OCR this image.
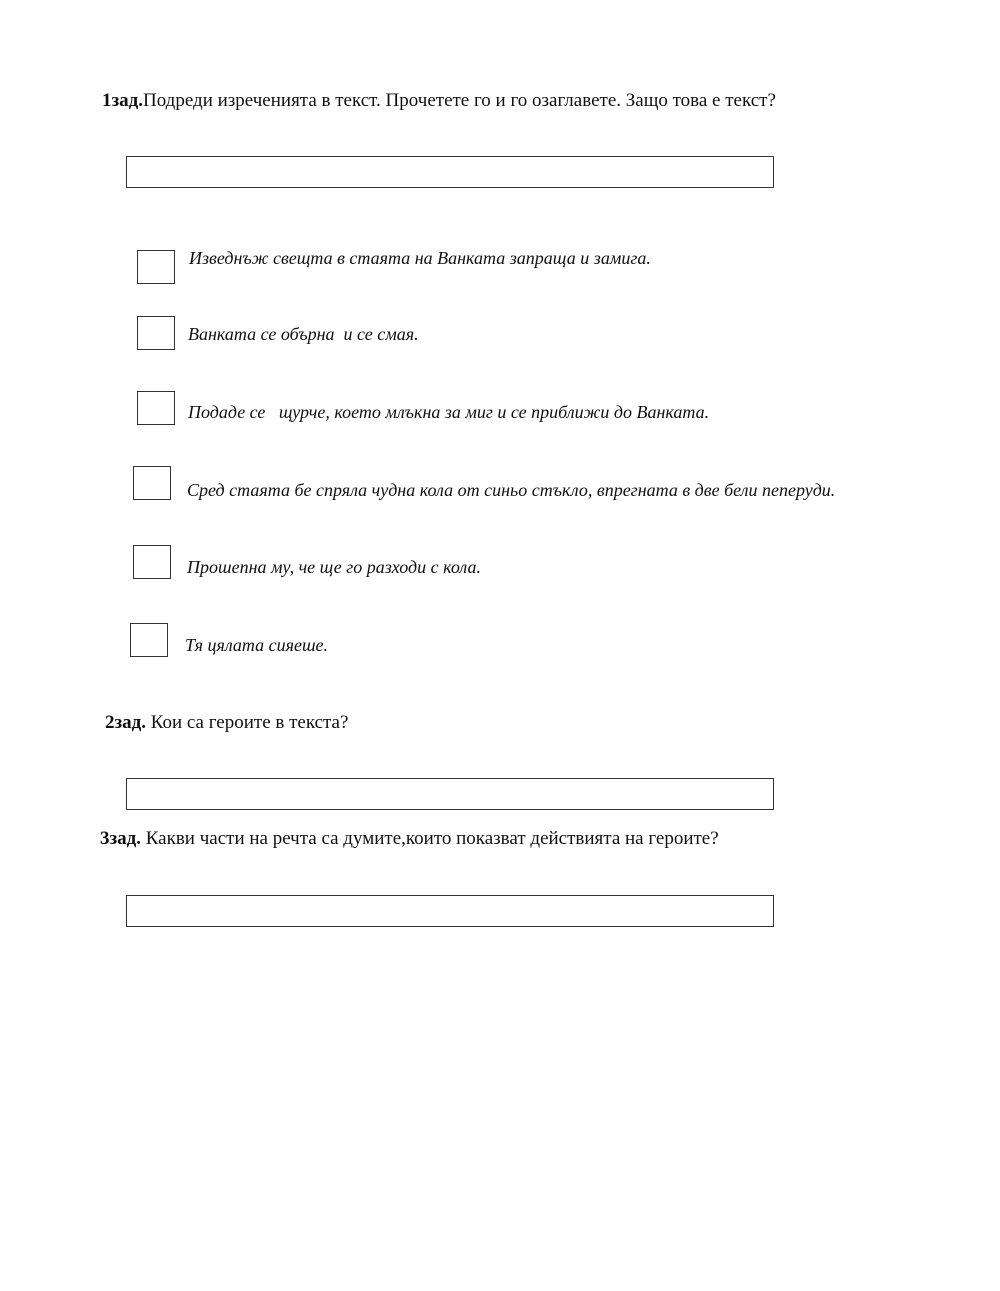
1зад.Подреди изреченията в текст. Прочетете го и го озаглавете. Защо това е текст?
Изведнъж свещта в стаята на Ванката запраща и замига.
Ванката се обърна  и се смая.
Подаде се   щурче, което млъкна за миг и се приближи до Ванката.
Сред стаята бе спряла чудна кола от синьо стъкло, впрегната в две бели пеперуди.
Прошепна му, че ще го разходи с кола.
Тя цялата сияеше.
2зад. Кои са героите в текста?
3зад. Какви части на речта са думите,които показват действията на героите?
